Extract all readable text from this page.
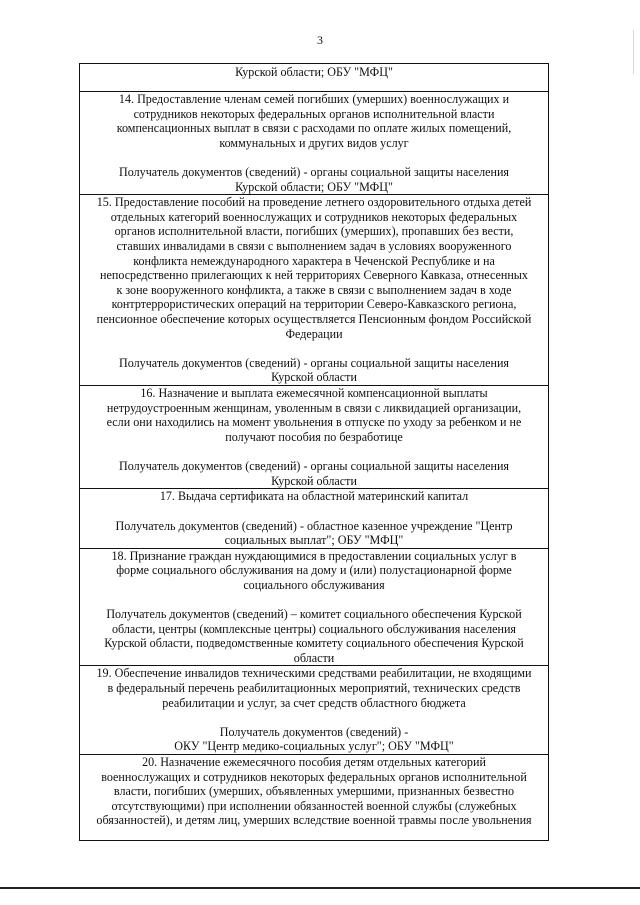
3

Курской области; ОБУ "МФЦ"

14. Предоставление членам семей погибших (умерших) военнослужащих и

сотрудников некоторых федеральных органов исполнительной власти

компенсационных выплат в связи с расходами по оплате жилых помещений,

коммунальных и других видов услуг

Получатель документов (сведений) - органы социальной защиты населения

Курской области; ОБУ "МФЦ"

15. Предоставление пособий на проведение летнего оздоровительного отдыха детей

отдельных категорий военнослужащих и сотрудников некоторых федеральных

органов исполнительной власти, погибших (умерших), пропавших без вести,

ставших инвалидами в связи с выполнением задач в условиях вооруженного

конфликта немеждународного характера в Чеченской Республике и на

непосредственно прилегающих к ней территориях Северного Кавказа, отнесенных

к зоне вооруженного конфликта, а также в связи с выполнением задач в ходе

контртеррористических операций на территории Северо-Кавказского региона,

пенсионное обеспечение которых осуществляется Пенсионным фондом Российской

Федерации

Получатель документов (сведений) - органы социальной защиты населения

Курской области

16. Назначение и выплата ежемесячной компенсационной выплаты

нетрудоустроенным женщинам, уволенным в связи с ликвидацией организации,

если они находились на момент увольнения в отпуске по уходу за ребенком и не

получают пособия по безработице

Получатель документов (сведений) - органы социальной защиты населения

Курской области

17. Выдача сертификата на областной материнский капитал

Получатель документов (сведений) - областное казенное учреждение "Центр

социальных выплат"; ОБУ "МФЦ"

18. Признание граждан нуждающимися в предоставлении социальных услуг в

форме социального обслуживания на дому и (или) полустационарной форме

социального обслуживания

Получатель документов (сведений) – комитет социального обеспечения Курской

области, центры (комплексные центры) социального обслуживания населения

Курской области, подведомственные комитету социального обеспечения Курской

области

19. Обеспечение инвалидов техническими средствами реабилитации, не входящими

в федеральный перечень реабилитационных мероприятий, технических средств

реабилитации и услуг, за счет средств областного бюджета

Получатель документов (сведений) -

ОКУ "Центр медико-социальных услуг"; ОБУ "МФЦ"

20. Назначение ежемесячного пособия детям отдельных категорий

военнослужащих и сотрудников некоторых федеральных органов исполнительной

власти, погибших (умерших, объявленных умершими, признанных безвестно

отсутствующими) при исполнении обязанностей военной службы (служебных

обязанностей), и детям лиц, умерших вследствие военной травмы после увольнения
